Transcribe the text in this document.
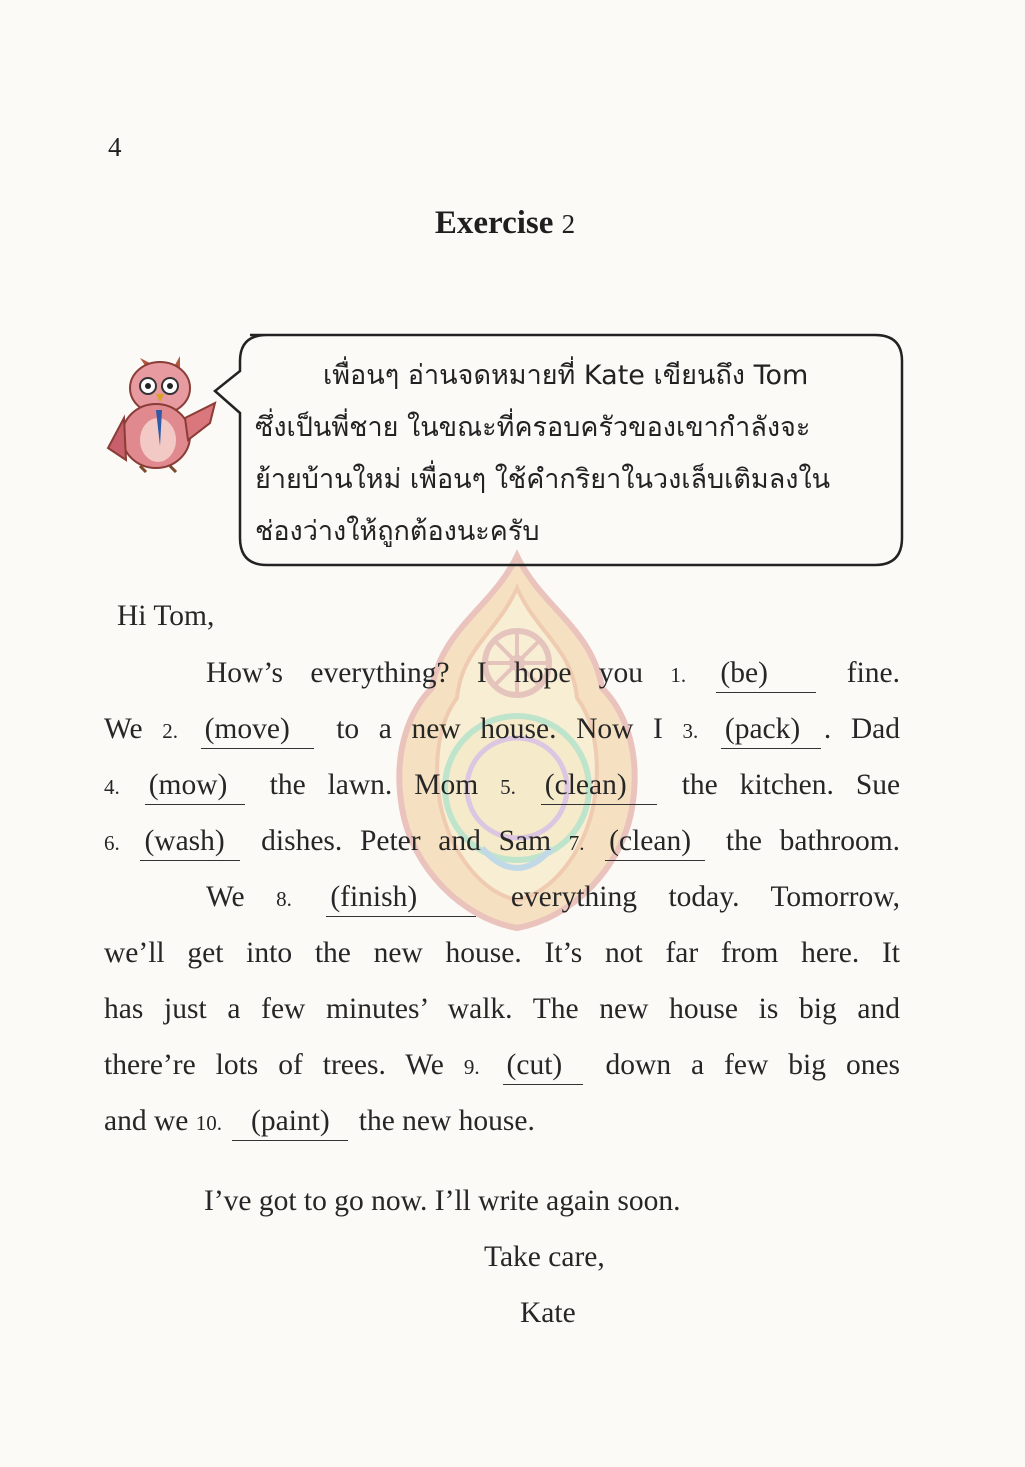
4
Exercise 2
เพื่อนๆ อ่านจดหมายที่ Kate เขียนถึง Tom
ซึ่งเป็นพี่ชาย ในขณะที่ครอบครัวของเขากำลังจะ
ย้ายบ้านใหม่ เพื่อนๆ ใช้คำกริยาในวงเล็บเติมลงใน
ช่องว่างให้ถูกต้องนะครับ
Hi Tom,
How’s everything? I hope you 1. (be)	fine.
We 2. (move) to a new house. Now I 3. (pack) . Dad
4. (mow) the lawn. Mom 5. (clean) the kitchen. Sue
6. (wash) dishes. Peter and Sam 7. (clean) the bathroom.
We 8. (finish)	everything today. Tomorrow,
we’ll get into the new house. It’s not far from here. It
has just a few minutes’ walk. The new house is big and
there’re lots of trees. We 9. (cut) down a few big ones
and we 10. (paint) the new house.
I’ve got to go now. I’ll write again soon.
Take care,
Kate
